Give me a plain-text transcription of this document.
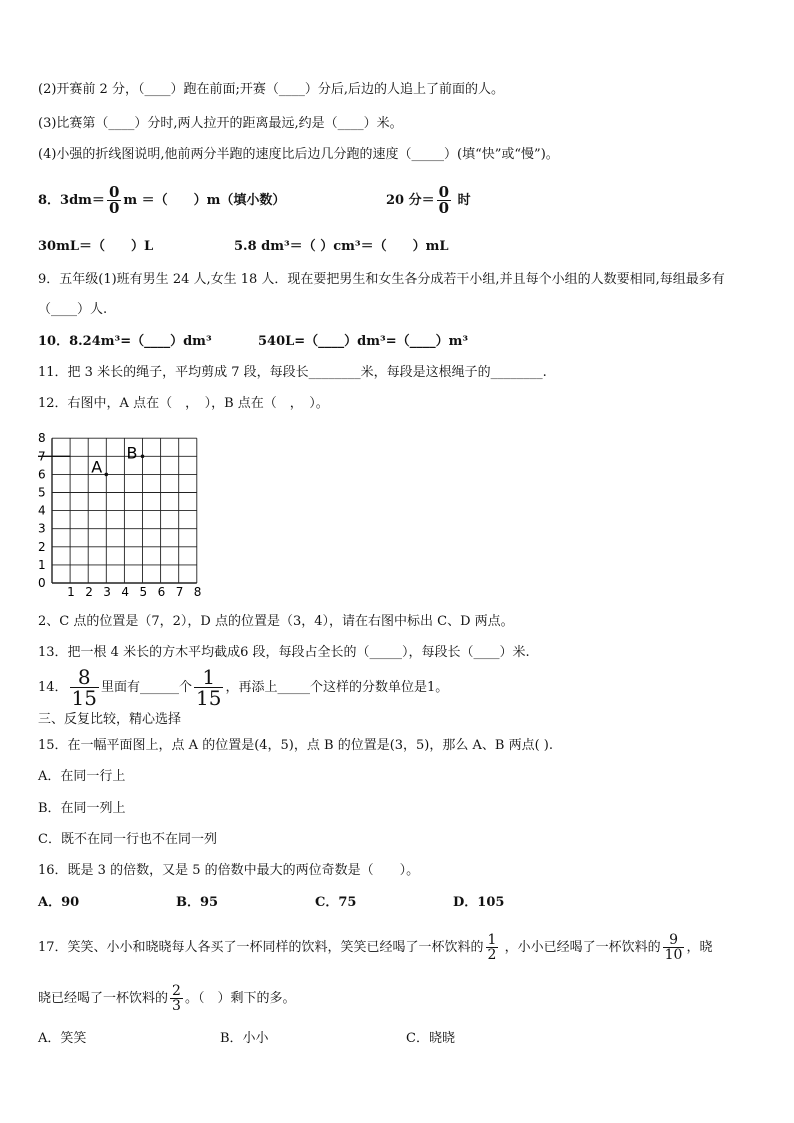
(2)开赛前 2 分，（____）跑在前面;开赛（____）分后,后边的人追上了前面的人。
(3)比赛第（____）分时,两人拉开的距离最远,约是（____）米。
(4)小强的折线图说明,他前两分半跑的速度比后边几分跑的速度（_____）(填“快”或“慢”)。
8．$3dm= \frac{0}{0}$ m ＝（　　）m（填小数）	20 分＝ $\frac{0}{0}$ 时
30mL＝（　　）L	5.8 dm³＝（ ）cm³＝（　　）mL
9．五年级(1)班有男生 24 人,女生 18 人．现在要把男生和女生各分成若干小组,并且每个小组的人数要相同,每组最多有
（____）人.
10．8.24m³=（____）dm³	540L=（____）dm³=（____）m³
11．把 3 米长的绳子，平均剪成 7 段，每段长________米，每段是这根绳子的________.
12．右图中，A 点在（　，　），B 点在（　，　）。
8
7
6
5
4
3
2
1
0
1 2 3 4 5 6 7 8
A
B
2、C 点的位置是（7，2），D 点的位置是（3，4），请在右图中标出 C、D 两点。
13．把一根 4 米长的方木平均截成6 段，每段占全长的（_____），每段长（____）米.
14． $\frac{8}{15}$ 里面有______个 $\frac{1}{15}$ ，再添上_____个这样的分数单位是1。
三、反复比较，精心选择
15．在一幅平面图上，点 A 的位置是(4，5)，点 B 的位置是(3，5)，那么 A、B 两点( ).
A．在同一行上
B．在同一列上
C．既不在同一行也不在同一列
16．既是 3 的倍数，又是 5 的倍数中最大的两位奇数是（　　）。
A．90	B．95	C．75	D．105
17．笑笑、小小和晓晓每人各买了一杯同样的饮料，笑笑已经喝了一杯饮料的 $\frac{1}{2}$ ，小小已经喝了一杯饮料的 $\frac{9}{10}$ ，晓
晓已经喝了一杯饮料的 $\frac{2}{3}$ 。（　）剩下的多。
A．笑笑	B．小小	C．晓晓
